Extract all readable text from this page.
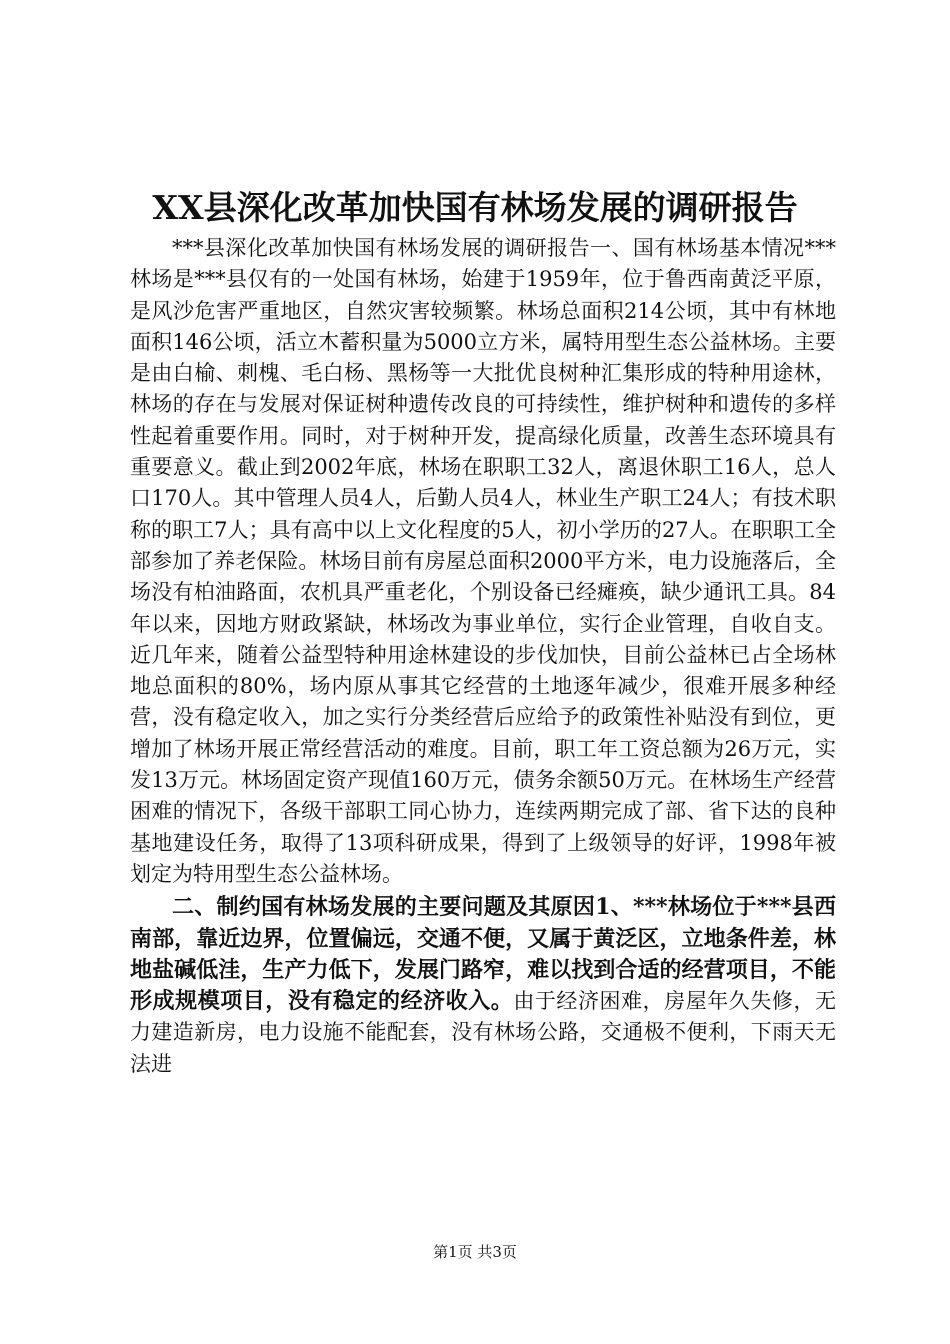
XX县深化改革加快国有林场发展的调研报告

***县深化改革加快国有林场发展的调研报告一、国有林场基本情况***林场是***县仅有的一处国有林场，始建于1959年，位于鲁西南黄泛平原，是风沙危害严重地区，自然灾害较频繁。林场总面积214公顷，其中有林地面积146公顷，活立木蓄积量为5000立方米，属特用型生态公益林场。主要是由白榆、刺槐、毛白杨、黑杨等一大批优良树种汇集形成的特种用途林，林场的存在与发展对保证树种遗传改良的可持续性，维护树种和遗传的多样性起着重要作用。同时，对于树种开发，提高绿化质量，改善生态环境具有重要意义。截止到2002年底，林场在职职工32人，离退休职工16人，总人口170人。其中管理人员4人，后勤人员4人，林业生产职工24人；有技术职称的职工7人；具有高中以上文化程度的5人，初小学历的27人。在职职工全部参加了养老保险。林场目前有房屋总面积2000平方米，电力设施落后，全场没有柏油路面，农机具严重老化，个别设备已经瘫痪，缺少通讯工具。84年以来，因地方财政紧缺，林场改为事业单位，实行企业管理，自收自支。近几年来，随着公益型特种用途林建设的步伐加快，目前公益林已占全场林地总面积的80%，场内原从事其它经营的土地逐年减少，很难开展多种经营，没有稳定收入，加之实行分类经营后应给予的政策性补贴没有到位，更增加了林场开展正常经营活动的难度。目前，职工年工资总额为26万元，实发13万元。林场固定资产现值160万元，债务余额50万元。在林场生产经营困难的情况下，各级干部职工同心协力，连续两期完成了部、省下达的良种基地建设任务，取得了13项科研成果，得到了上级领导的好评，1998年被划定为特用型生态公益林场。

二、制约国有林场发展的主要问题及其原因1、***林场位于***县西南部，靠近边界，位置偏远，交通不便，又属于黄泛区，立地条件差，林地盐碱低洼，生产力低下，发展门路窄，难以找到合适的经营项目，不能形成规模项目，没有稳定的经济收入。由于经济困难，房屋年久失修，无力建造新房，电力设施不能配套，没有林场公路，交通极不便利，下雨天无法进

第1页 共3页
